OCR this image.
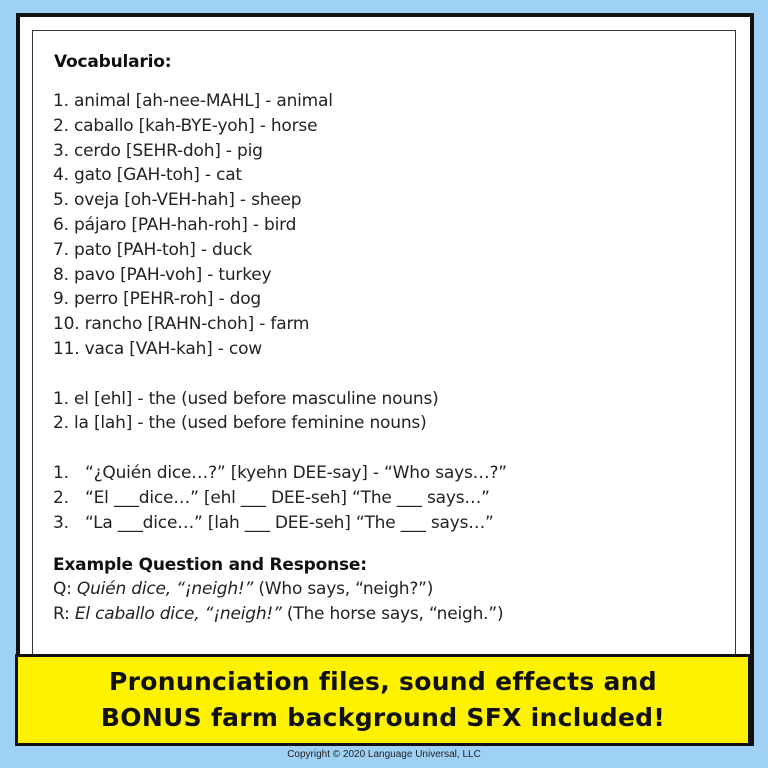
Vocabulario:
1. animal [ah-nee-MAHL] - animal
2. caballo [kah-BYE-yoh] - horse
3. cerdo [SEHR-doh] - pig
4. gato [GAH-toh] - cat
5. oveja [oh-VEH-hah] - sheep
6. pájaro [PAH-hah-roh] - bird
7. pato [PAH-toh] - duck
8. pavo [PAH-voh] - turkey
9. perro [PEHR-roh] - dog
10. rancho [RAHN-choh] - farm
11. vaca [VAH-kah] - cow
1. el [ehl] - the (used before masculine nouns)
2. la [lah] - the (used before feminine nouns)
1. “¿Quién dice…?” [kyehn DEE-say] - “Who says…?”
2. “El ___dice…” [ehl ___ DEE-seh] “The ___ says…”
3. “La ___dice…” [lah ___ DEE-seh] “The ___ says…”
Example Question and Response:
Q: Quién dice, “¡neigh!” (Who says, “neigh?”)
R: El caballo dice, “¡neigh!” (The horse says, “neigh.”)
Pronunciation files, sound effects and
BONUS farm background SFX included!
Copyright © 2020 Language Universal, LLC
